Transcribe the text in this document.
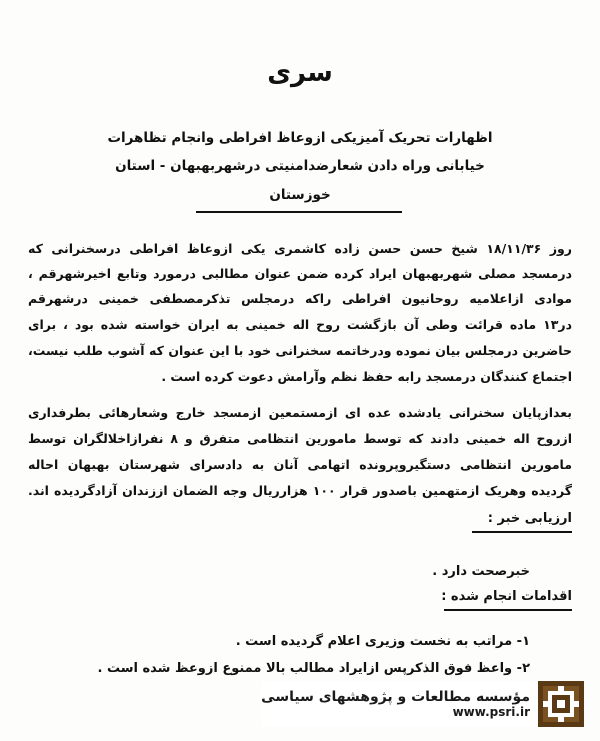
سری
اظهارات تحریک آمیزیکی ازوعاظ افراطی وانجام تظاهرات
خیابانی وراه دادن شعارضدامنیتی درشهربهبهان - استان
خوزستان
روز ۱۸/۱۱/۳۶ شیخ حسن حسن زاده کاشمری یکی ازوعاظ افراطی درسخنرانی که
درمسجد مصلی شهربهبهان ایراد کرده ضمن عنوان مطالبی درمورد وتابع اخیرشهرقم ،
موادی ازاعلامیه روحانیون افراطی راکه درمجلس تذکرمصطفی خمینی درشهرقم
در۱۳ ماده قرائت وطی آن بازگشت روح اله خمینی به ایران خواسته شده بود ، برای
حاضرین درمجلس بیان نموده ودرخاتمه سخنرانی خود با این عنوان که آشوب طلب نیست،
اجتماع کنندگان درمسجد رابه حفظ نظم وآرامش دعوت کرده است .
بعدازپایان سخنرانی یادشده عده ای ازمستمعین ازمسجد خارج وشعارهائی بطرفداری
ازروح اله خمینی دادند که توسط مامورین انتظامی متفرق و ۸ نفرازاخلالگران توسط
مامورین انتظامی دستگیروپرونده اتهامی آنان به دادسرای شهرستان بهبهان احاله
گردیده وهریک ازمتهمین باصدور قرار ۱۰۰ هزارریال وجه الضمان اززندان آزادگردیده اند.
ارزیابی خبر :
خبرصحت دارد .
اقدامات انجام شده :
۱- مراتب به نخست وزیری اعلام گردیده است .
۲- واعظ فوق الذکرپس ازایراد مطالب بالا ممنوع ازوعظ شده است .
مؤسسه مطالعات و پژوهشهای سیاسی
www.psri.ir
